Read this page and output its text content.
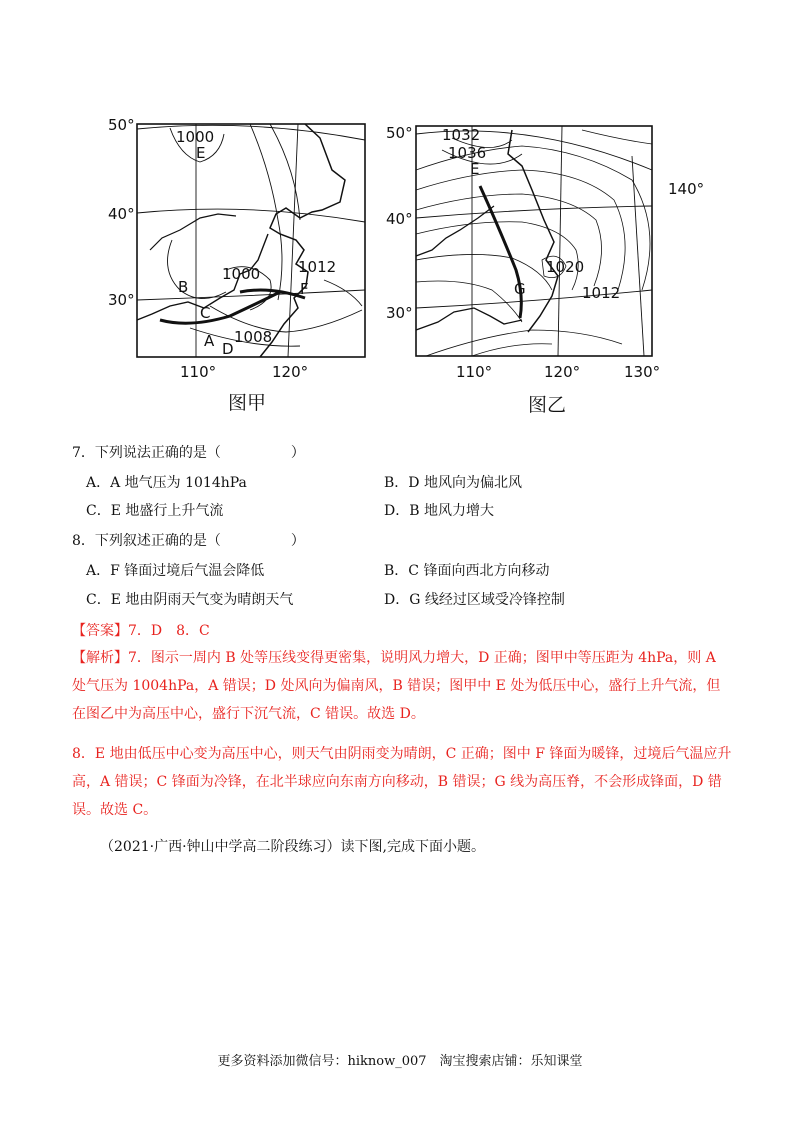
50°
40°
30°
110°	120°
1000
1000	1012
1008
E
B
C
A D
F
图甲
50°
40°
30°
110°	120°	130°
140°
1032
1036
1020
1012
E
G
图乙
7．下列说法正确的是（　　　　　）
A．A 地气压为 1014hPa	B．D 地风向为偏北风
C．E 地盛行上升气流	D．B 地风力增大
8．下列叙述正确的是（　　　　　）
A．F 锋面过境后气温会降低	B．C 锋面向西北方向移动
C．E 地由阴雨天气变为晴朗天气	D．G 线经过区域受冷锋控制
【答案】7．D　8．C
【解析】7．图示一周内 B 处等压线变得更密集，说明风力增大，D 正确；图甲中等压距为 4hPa，则 A 处气压为 1004hPa，A 错误；D 处风向为偏南风，B 错误；图甲中 E 处为低压中心，盛行上升气流，但在图乙中为高压中心，盛行下沉气流，C 错误。故选 D。
8．E 地由低压中心变为高压中心，则天气由阴雨变为晴朗，C 正确；图中 F 锋面为暖锋，过境后气温应升高，A 错误；C 锋面为冷锋，在北半球应向东南方向移动，B 错误；G 线为高压脊，不会形成锋面，D 错误。故选 C。
（2021·广西·钟山中学高二阶段练习）读下图,完成下面小题。
更多资料添加微信号：hiknow_007　淘宝搜索店铺：乐知课堂
